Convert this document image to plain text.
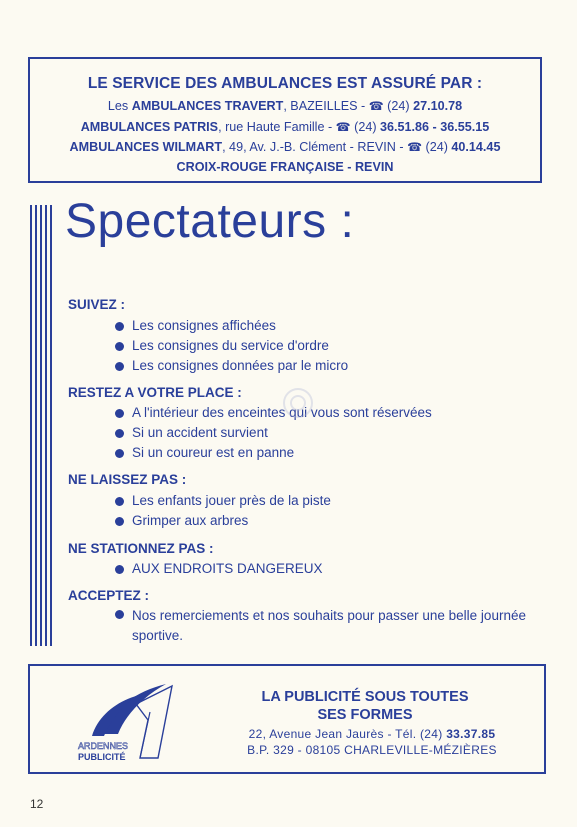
LE SERVICE DES AMBULANCES EST ASSURÉ PAR :
Les AMBULANCES TRAVERT, BAZEILLES - ☎ (24) 27.10.78
AMBULANCES PATRIS, rue Haute Famille - ☎ (24) 36.51.86 - 36.55.15
AMBULANCES WILMART, 49, Av. J.-B. Clément - REVIN - ☎ (24) 40.14.45
CROIX-ROUGE FRANÇAISE - REVIN
Spectateurs :
SUIVEZ :
Les consignes affichées
Les consignes du service d'ordre
Les consignes données par le micro
RESTEZ A VOTRE PLACE :
A l'intérieur des enceintes qui vous sont réservées
Si un accident survient
Si un coureur est en panne
NE LAISSEZ PAS :
Les enfants jouer près de la piste
Grimper aux arbres
NE STATIONNEZ PAS :
AUX ENDROITS DANGEREUX
ACCEPTEZ :
Nos remerciements et nos souhaits pour passer une belle journée sportive.
ARDENNES
PUBLICITÉ
LA PUBLICITÉ SOUS TOUTES
SES FORMES
22, Avenue Jean Jaurès - Tél. (24) 33.37.85
B.P. 329 - 08105 CHARLEVILLE-MÉZIÈRES
12
